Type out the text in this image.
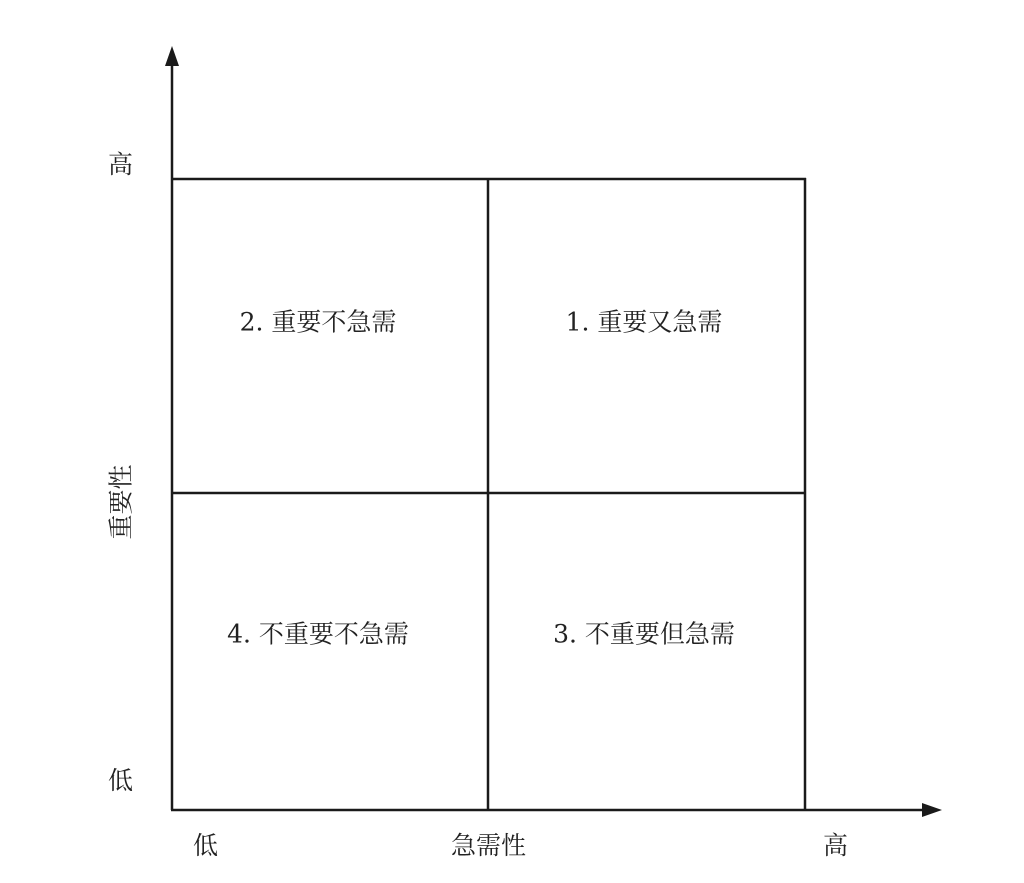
高
重要性
低
低	急需性	高
2. 重要不急需	1. 重要又急需
4. 不重要不急需	3. 不重要但急需
